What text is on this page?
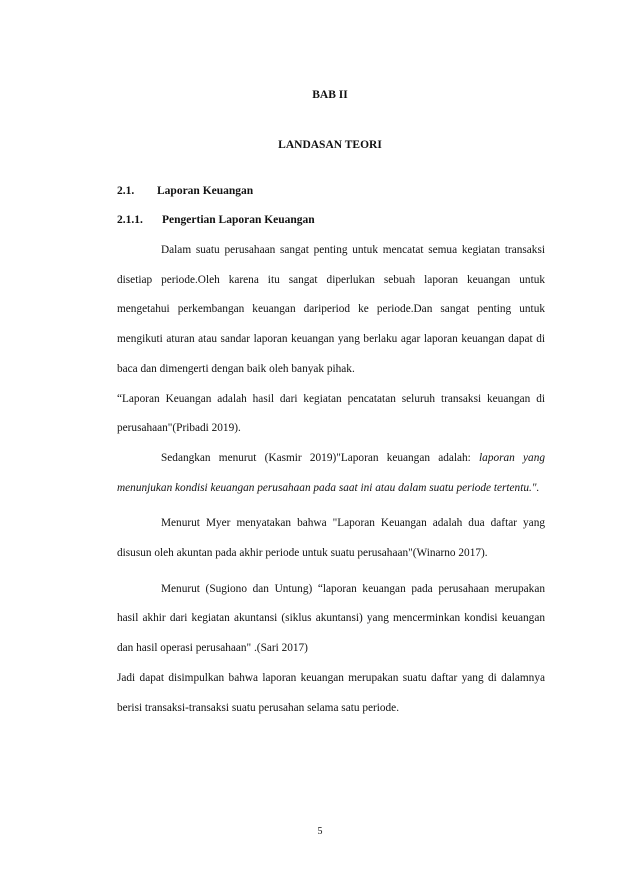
BAB II
LANDASAN TEORI
2.1. Laporan Keuangan
2.1.1. Pengertian Laporan Keuangan

Dalam suatu perusahaan sangat penting untuk mencatat semua kegiatan transaksi disetiap periode.Oleh karena itu sangat diperlukan sebuah laporan keuangan untuk mengetahui perkembangan keuangan dariperiod ke periode.Dan sangat penting untuk mengikuti aturan atau sandar laporan keuangan yang berlaku agar laporan keuangan dapat di baca dan dimengerti dengan baik oleh banyak pihak.

“Laporan Keuangan adalah hasil dari kegiatan pencatatan seluruh transaksi keuangan di perusahaan"(Pribadi 2019).

Sedangkan menurut (Kasmir 2019)"Laporan keuangan adalah: laporan yang menunjukan kondisi keuangan perusahaan pada saat ini atau dalam suatu periode tertentu.".

Menurut Myer menyatakan bahwa "Laporan Keuangan adalah dua daftar yang disusun oleh akuntan pada akhir periode untuk suatu perusahaan"(Winarno 2017).

Menurut (Sugiono dan Untung) “laporan keuangan pada perusahaan merupakan hasil akhir dari kegiatan akuntansi (siklus akuntansi) yang mencerminkan kondisi keuangan dan hasil operasi perusahaan" .(Sari 2017)

Jadi dapat disimpulkan bahwa laporan keuangan merupakan suatu daftar yang di dalamnya berisi transaksi-transaksi suatu perusahan selama satu periode.

5
